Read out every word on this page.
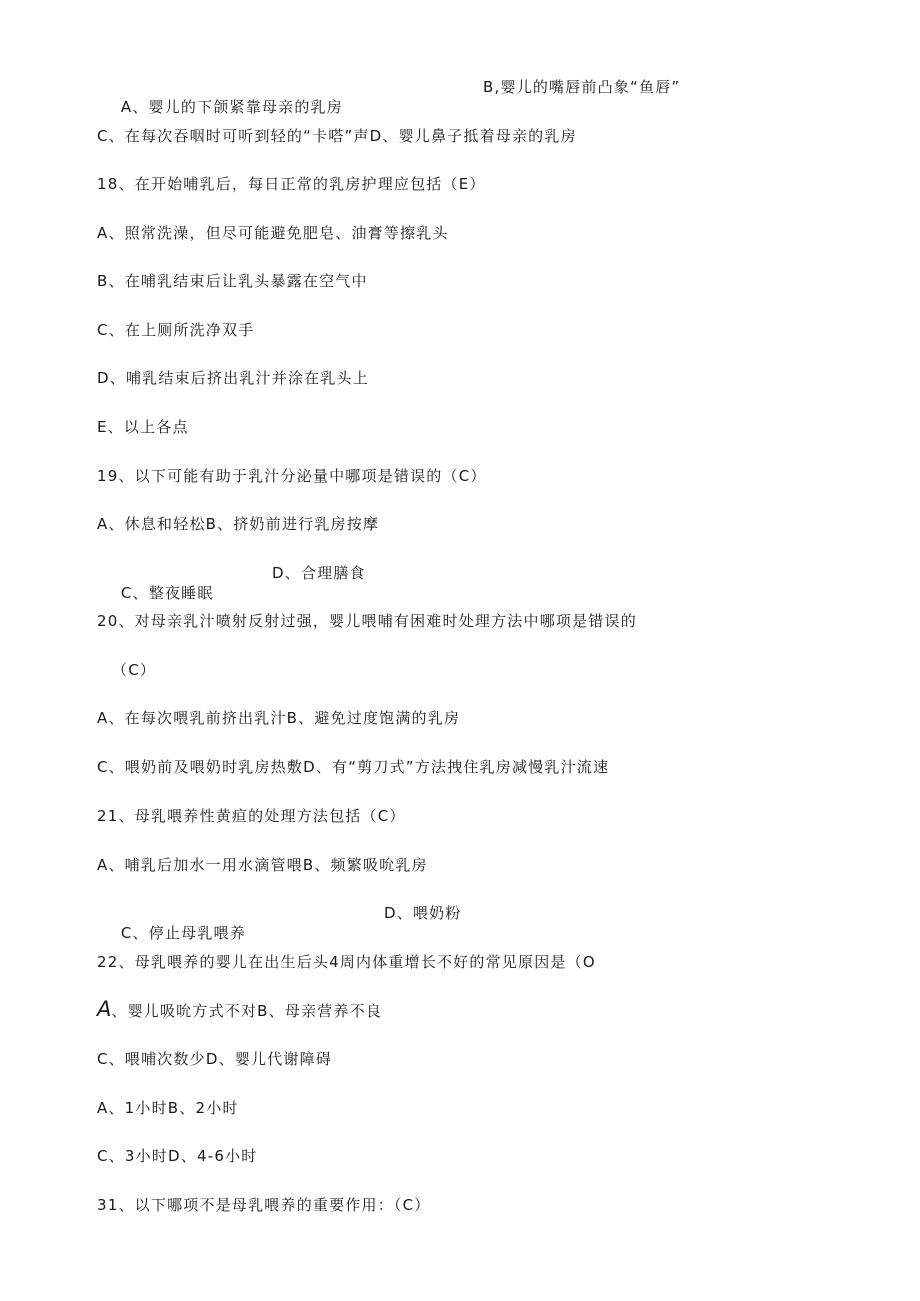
A、婴儿的下颌紧靠母亲的乳房

B,婴儿的嘴唇前凸象“鱼唇”

C、在每次吞咽时可听到轻的“卡嗒”声D、婴儿鼻子抵着母亲的乳房
18、在开始哺乳后，每日正常的乳房护理应包括（E）
A、照常洗澡，但尽可能避免肥皂、油膏等擦乳头
B、在哺乳结束后让乳头暴露在空气中
C、在上厕所洗净双手
D、哺乳结束后挤出乳汁并涂在乳头上
E、以上各点
19、以下可能有助于乳汁分泌量中哪项是错误的（C）
A、休息和轻松B、挤奶前进行乳房按摩

C、整夜睡眠

D、合理膳食

20、对母亲乳汁喷射反射过强，婴儿喂哺有困难时处理方法中哪项是错误的
（C）
A、在每次喂乳前挤出乳汁B、避免过度饱满的乳房
C、喂奶前及喂奶时乳房热敷D、有“剪刀式”方法拽住乳房减慢乳汁流速
21、母乳喂养性黄疸的处理方法包括（C）
A、哺乳后加水一用水滴管喂B、频繁吸吮乳房

C、停止母乳喂养

D、喂奶粉

22、母乳喂养的婴儿在出生后头4周内体重增长不好的常见原因是（O
A、婴儿吸吮方式不对B、母亲营养不良
C、喂哺次数少D、婴儿代谢障碍
A、1小时B、2小时
C、3小时D、4-6小时
31、以下哪项不是母乳喂养的重要作用：（C）
